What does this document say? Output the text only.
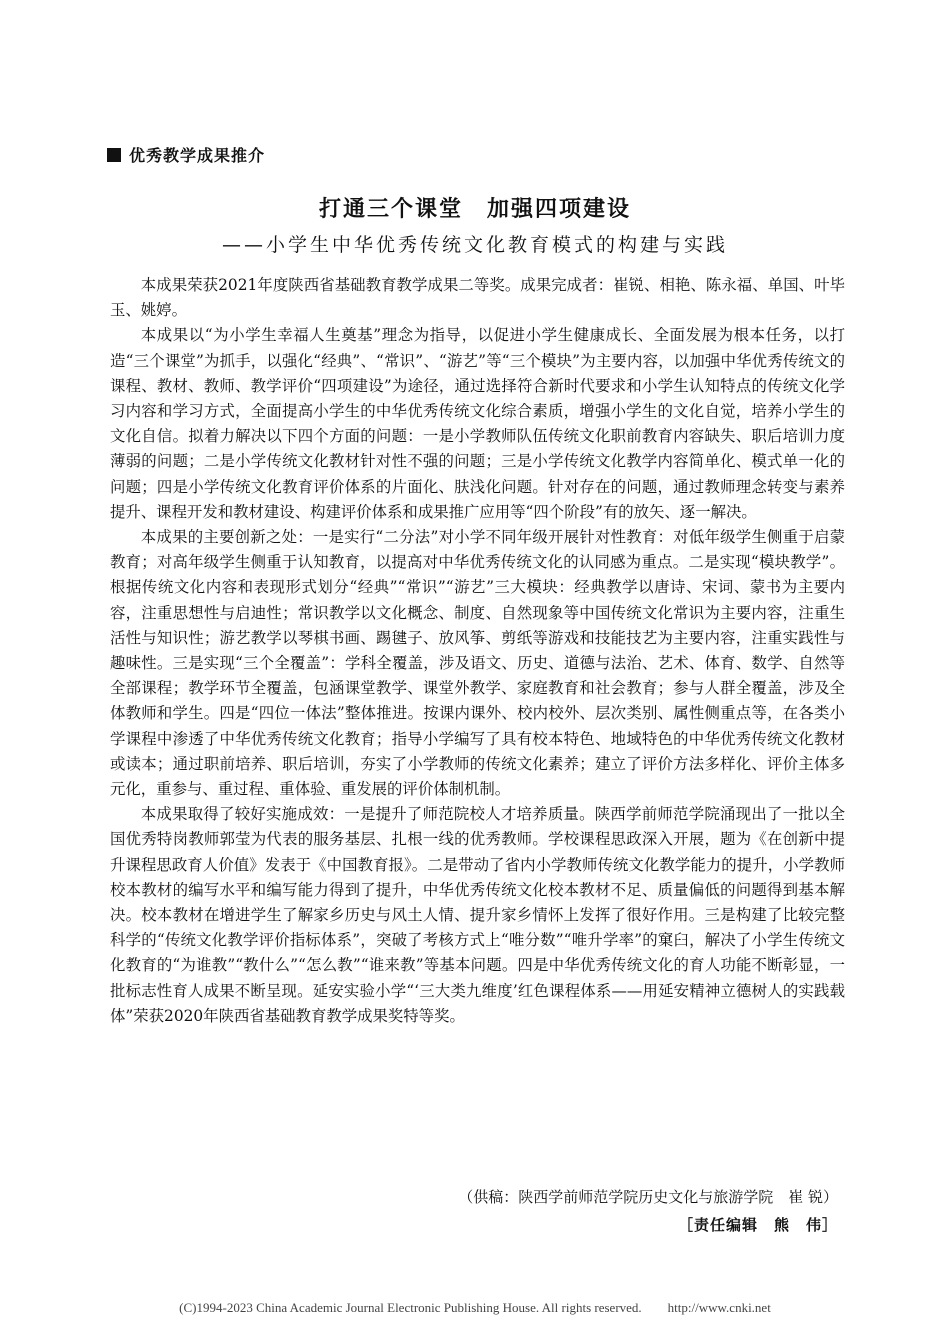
优秀教学成果推介
打通三个课堂　加强四项建设
——小学生中华优秀传统文化教育模式的构建与实践

本成果荣获2021年度陕西省基础教育教学成果二等奖。成果完成者：崔锐、相艳、陈永福、单国、叶毕玉、姚婷。

本成果以“为小学生幸福人生奠基”理念为指导，以促进小学生健康成长、全面发展为根本任务，以打造“三个课堂”为抓手，以强化“经典”、“常识”、“游艺”等“三个模块”为主要内容，以加强中华优秀传统文的课程、教材、教师、教学评价“四项建设”为途径，通过选择符合新时代要求和小学生认知特点的传统文化学习内容和学习方式，全面提高小学生的中华优秀传统文化综合素质，增强小学生的文化自觉，培养小学生的文化自信。拟着力解决以下四个方面的问题：一是小学教师队伍传统文化职前教育内容缺失、职后培训力度薄弱的问题；二是小学传统文化教材针对性不强的问题；三是小学传统文化教学内容简单化、模式单一化的问题；四是小学传统文化教育评价体系的片面化、肤浅化问题。针对存在的问题，通过教师理念转变与素养提升、课程开发和教材建设、构建评价体系和成果推广应用等“四个阶段”有的放矢、逐一解决。

本成果的主要创新之处：一是实行“二分法”对小学不同年级开展针对性教育：对低年级学生侧重于启蒙教育；对高年级学生侧重于认知教育，以提高对中华优秀传统文化的认同感为重点。二是实现“模块教学”。根据传统文化内容和表现形式划分“经典”“常识”“游艺”三大模块：经典教学以唐诗、宋词、蒙书为主要内容，注重思想性与启迪性；常识教学以文化概念、制度、自然现象等中国传统文化常识为主要内容，注重生活性与知识性；游艺教学以琴棋书画、踢毽子、放风筝、剪纸等游戏和技能技艺为主要内容，注重实践性与趣味性。三是实现“三个全覆盖”：学科全覆盖，涉及语文、历史、道德与法治、艺术、体育、数学、自然等全部课程；教学环节全覆盖，包涵课堂教学、课堂外教学、家庭教育和社会教育；参与人群全覆盖，涉及全体教师和学生。四是“四位一体法”整体推进。按课内课外、校内校外、层次类别、属性侧重点等，在各类小学课程中渗透了中华优秀传统文化教育；指导小学编写了具有校本特色、地域特色的中华优秀传统文化教材或读本；通过职前培养、职后培训，夯实了小学教师的传统文化素养；建立了评价方法多样化、评价主体多元化，重参与、重过程、重体验、重发展的评价体制机制。

本成果取得了较好实施成效：一是提升了师范院校人才培养质量。陕西学前师范学院涌现出了一批以全国优秀特岗教师郭莹为代表的服务基层、扎根一线的优秀教师。学校课程思政深入开展，题为《在创新中提升课程思政育人价值》发表于《中国教育报》。二是带动了省内小学教师传统文化教学能力的提升，小学教师校本教材的编写水平和编写能力得到了提升，中华优秀传统文化校本教材不足、质量偏低的问题得到基本解决。校本教材在增进学生了解家乡历史与风土人情、提升家乡情怀上发挥了很好作用。三是构建了比较完整科学的“传统文化教学评价指标体系”，突破了考核方式上“唯分数”“唯升学率”的窠臼，解决了小学生传统文化教育的“为谁教”“教什么”“怎么教”“谁来教”等基本问题。四是中华优秀传统文化的育人功能不断彰显，一批标志性育人成果不断呈现。延安实验小学“‘三大类九维度’红色课程体系——用延安精神立德树人的实践载体”荣获2020年陕西省基础教育教学成果奖特等奖。

（供稿：陕西学前师范学院历史文化与旅游学院　崔 锐）
［责任编辑　熊　伟］
(C)1994-2023 China Academic Journal Electronic Publishing House. All rights reserved.　　http://www.cnki.net
